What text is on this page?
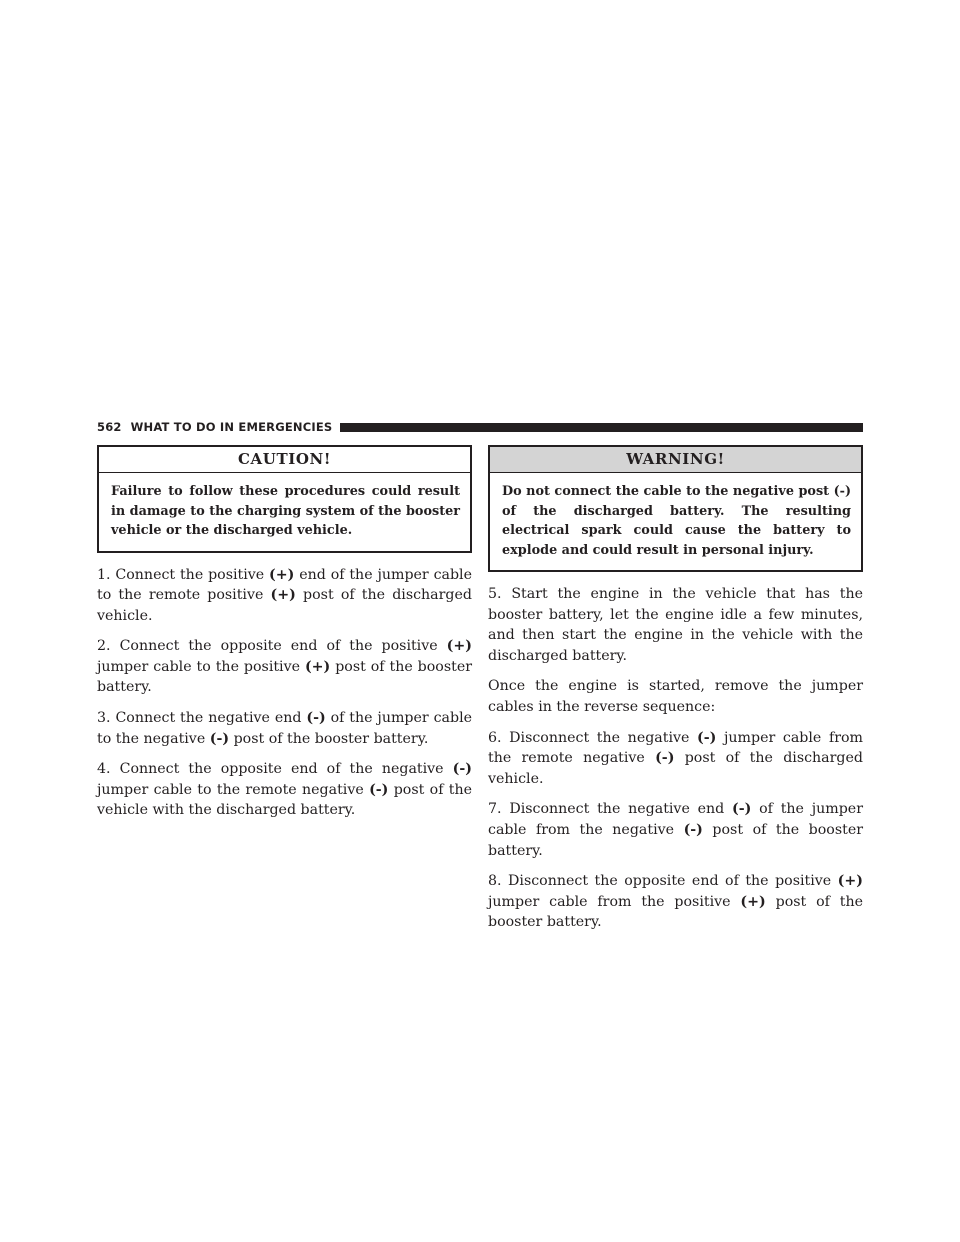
562 WHAT TO DO IN EMERGENCIES
CAUTION!

Failure to follow these procedures could result in damage to the charging system of the booster vehicle or the discharged vehicle.

1. Connect the positive (+) end of the jumper cable to the remote positive (+) post of the discharged vehicle.

2. Connect the opposite end of the positive (+) jumper cable to the positive (+) post of the booster battery.

3. Connect the negative end (-) of the jumper cable to the negative (-) post of the booster battery.

4. Connect the opposite end of the negative (-) jumper cable to the remote negative (-) post of the vehicle with the discharged battery.

WARNING!

Do not connect the cable to the negative post (-) of the discharged battery. The resulting electrical spark could cause the battery to explode and could result in personal injury.

5. Start the engine in the vehicle that has the booster battery, let the engine idle a few minutes, and then start the engine in the vehicle with the discharged battery.

Once the engine is started, remove the jumper cables in the reverse sequence:

6. Disconnect the negative (-) jumper cable from the remote negative (-) post of the discharged vehicle.

7. Disconnect the negative end (-) of the jumper cable from the negative (-) post of the booster battery.

8. Disconnect the opposite end of the positive (+) jumper cable from the positive (+) post of the booster battery.
